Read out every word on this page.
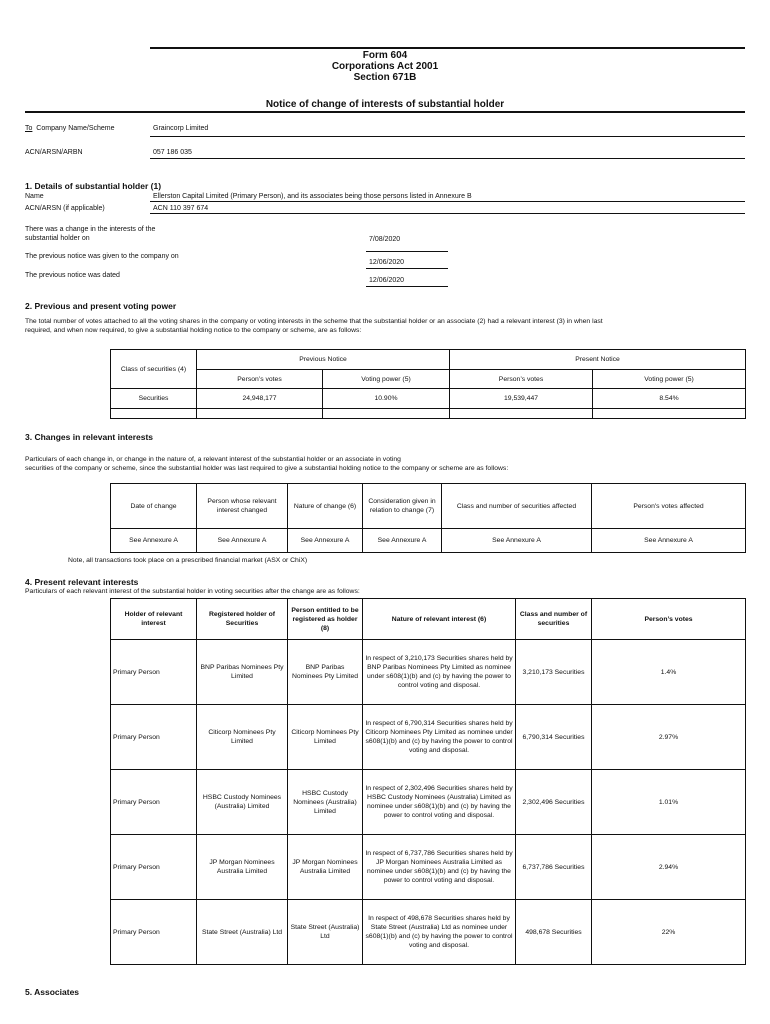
Form 604
Corporations Act 2001
Section 671B
Notice of change of interests of substantial holder
To Company Name/Scheme	Graincorp Limited
ACN/ARSN/ARBN	057 186 035
1. Details of substantial holder (1)
Name	Ellerston Capital Limited (Primary Person), and its associates being those persons listed in Annexure B
ACN/ARSN (if applicable)	ACN 110 397 674
There was a change in the interests of the
substantial holder on	7/08/2020
The previous notice was given to the company on
12/06/2020
The previous notice was dated
12/06/2020
2. Previous and present voting power
The total number of votes attached to all the voting shares in the company or voting interests in the scheme that the substantial holder or an associate (2) had a relevant interest (3) in when last
required, and when now required, to give a substantial holding notice to the company or scheme, are as follows:
Class of securities (4)	Previous Notice		Present Notice	
	Person’s votes	Voting power (5)	Person’s votes	Voting power (5)
Securities	24,948,177	10.90%	19,539,447	8.54%

3. Changes in relevant interests
Particulars of each change in, or change in the nature of, a relevant interest of the substantial holder or an associate in voting
securities of the company or scheme, since the substantial holder was last required to give a substantial holding notice to the company or scheme are as follows:
Date of change	Person whose relevant interest changed	Nature of change (6)	Consideration given in relation to change (7)	Class and number of securities affected	Person's votes affected
See Annexure A	See Annexure A	See Annexure A	See Annexure A	See Annexure A	See Annexure A
Note, all transactions took place on a prescribed financial market (ASX or ChiX)
4. Present relevant interests
Particulars of each relevant interest of the substantial holder in voting securities after the change are as follows:
Holder of relevant interest	Registered holder of Securities	Person entitled to be registered as holder (8)	Nature of relevant interest (6)	Class and number of securities	Person’s votes
Primary Person	BNP Paribas Nominees Pty Limited	BNP Paribas Nominees Pty Limited	In respect of 3,210,173 Securities shares held by BNP Paribas Nominees Pty Limited as nominee under s608(1)(b) and (c) by having the power to control voting and disposal.	3,210,173 Securities	1.4%
Primary Person	Citicorp Nominees Pty Limited	Citicorp Nominees Pty Limited	In respect of 6,790,314 Securities shares held by Citicorp Nominees Pty Limited as nominee under s608(1)(b) and (c) by having the power to control voting and disposal.	6,790,314 Securities	2.97%
Primary Person	HSBC Custody Nominees (Australia) Limited	HSBC Custody Nominees (Australia) Limited	In respect of 2,302,496 Securities shares held by HSBC Custody Nominees (Australia) Limited as nominee under s608(1)(b) and (c) by having the power to control voting and disposal.	2,302,496 Securities	1.01%
Primary Person	JP Morgan Nominees Australia Limited	JP Morgan Nominees Australia Limited	In respect of 6,737,786 Securities shares held by JP Morgan Nominees Australia Limited as nominee under s608(1)(b) and (c) by having the power to control voting and disposal.	6,737,786 Securities	2.94%
Primary Person	State Street (Australia) Ltd	State Street (Australia) Ltd	In respect of 498,678 Securities shares held by State Street (Australia) Ltd as nominee under s608(1)(b) and (c) by having the power to control voting and disposal.	498,678 Securities	22%
5. Associates
